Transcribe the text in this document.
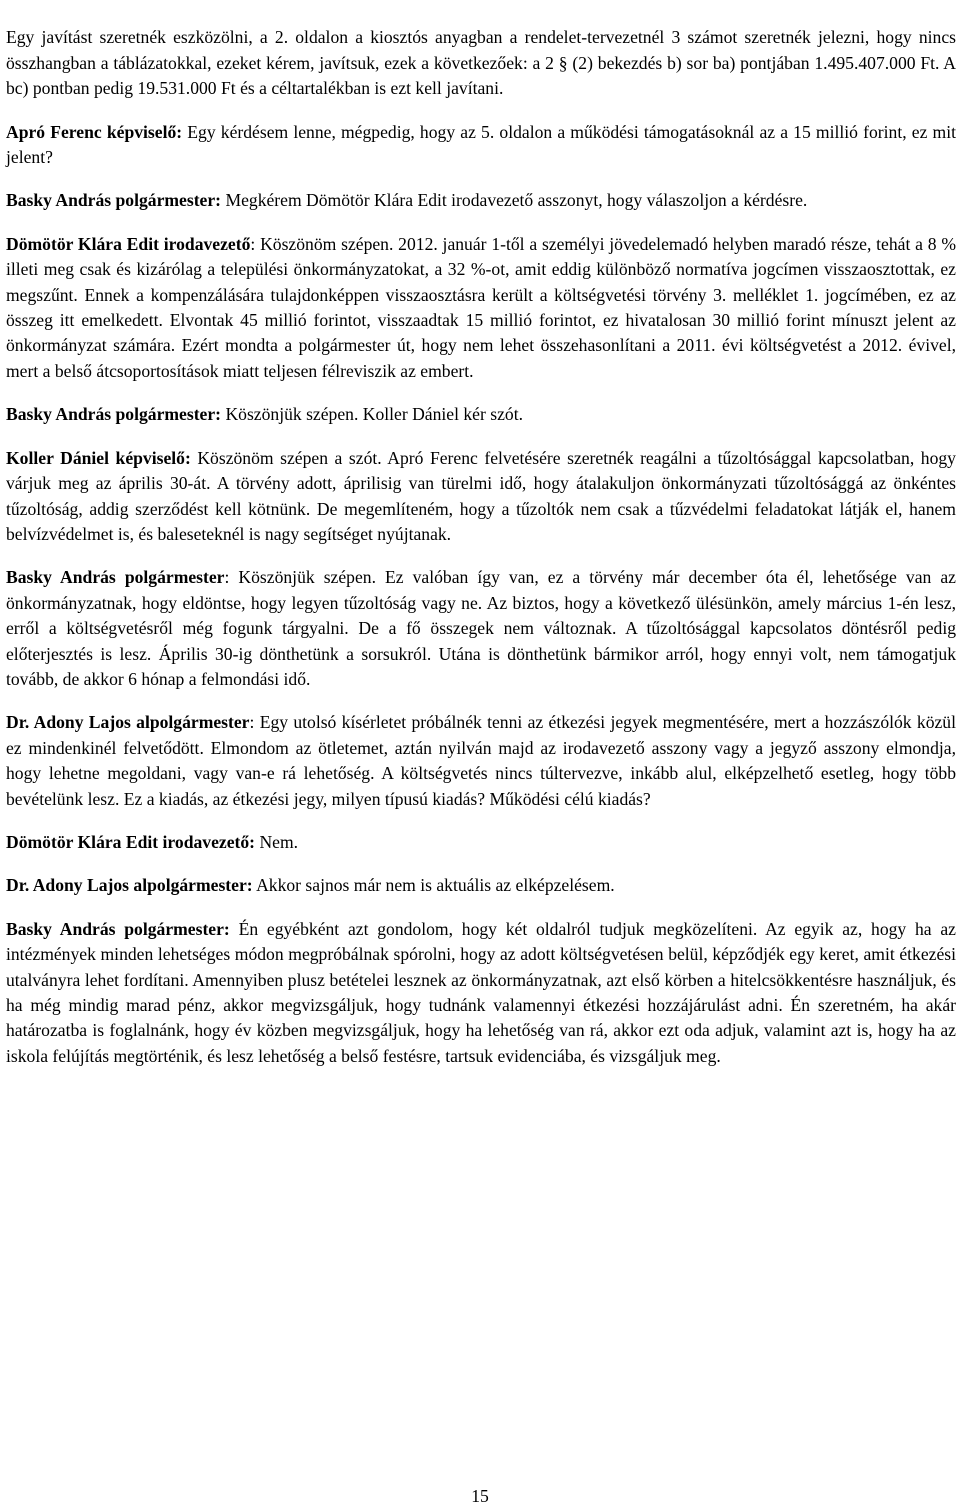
Egy javítást szeretnék eszközölni, a 2. oldalon a kiosztós anyagban a rendelet-tervezetnél 3 számot szeretnék jelezni, hogy nincs összhangban a táblázatokkal, ezeket kérem, javítsuk, ezek a következőek: a 2 § (2) bekezdés b) sor ba) pontjában 1.495.407.000 Ft. A bc) pontban pedig 19.531.000 Ft és a céltartalékban is ezt kell javítani.

Apró Ferenc képviselő: Egy kérdésem lenne, mégpedig, hogy az 5. oldalon a működési támogatásoknál az a 15 millió forint, ez mit jelent?

Basky András polgármester: Megkérem Dömötör Klára Edit irodavezető asszonyt, hogy válaszoljon a kérdésre.

Dömötör Klára Edit irodavezető: Köszönöm szépen. 2012. január 1-től a személyi jövedelemadó helyben maradó része, tehát a 8 % illeti meg csak és kizárólag a települési önkormányzatokat, a 32 %-ot, amit eddig különböző normatíva jogcímen visszaosztottak, ez megszűnt. Ennek a kompenzálására tulajdonképpen visszaosztásra került a költségvetési törvény 3. melléklet 1. jogcímében, ez az összeg itt emelkedett. Elvontak 45 millió forintot, visszaadtak 15 millió forintot, ez hivatalosan 30 millió forint mínuszt jelent az önkormányzat számára. Ezért mondta a polgármester út, hogy nem lehet összehasonlítani a 2011. évi költségvetést a 2012. évivel, mert a belső átcsoportosítások miatt teljesen félreviszik az embert.

Basky András polgármester: Köszönjük szépen. Koller Dániel kér szót.

Koller Dániel képviselő: Köszönöm szépen a szót. Apró Ferenc felvetésére szeretnék reagálni a tűzoltósággal kapcsolatban, hogy várjuk meg az április 30-át. A törvény adott, áprilisig van türelmi idő, hogy átalakuljon önkormányzati tűzoltósággá az önkéntes tűzoltóság, addig szerződést kell kötnünk. De megemlíteném, hogy a tűzoltók nem csak a tűzvédelmi feladatokat látják el, hanem belvízvédelmet is, és baleseteknél is nagy segítséget nyújtanak.

Basky András polgármester: Köszönjük szépen. Ez valóban így van, ez a törvény már december óta él, lehetősége van az önkormányzatnak, hogy eldöntse, hogy legyen tűzoltóság vagy ne. Az biztos, hogy a következő ülésünkön, amely március 1-én lesz, erről a költségvetésről még fogunk tárgyalni. De a fő összegek nem változnak. A tűzoltósággal kapcsolatos döntésről pedig előterjesztés is lesz. Április 30-ig dönthetünk a sorsukról. Utána is dönthetünk bármikor arról, hogy ennyi volt, nem támogatjuk tovább, de akkor 6 hónap a felmondási idő.

Dr. Adony Lajos alpolgármester: Egy utolsó kísérletet próbálnék tenni az étkezési jegyek megmentésére, mert a hozzászólók közül ez mindenkinél felvetődött. Elmondom az ötletemet, aztán nyilván majd az irodavezető asszony vagy a jegyző asszony elmondja, hogy lehetne megoldani, vagy van-e rá lehetőség. A költségvetés nincs túltervezve, inkább alul, elképzelhető esetleg, hogy több bevételünk lesz. Ez a kiadás, az étkezési jegy, milyen típusú kiadás? Működési célú kiadás?

Dömötör Klára Edit irodavezető: Nem.

Dr. Adony Lajos alpolgármester: Akkor sajnos már nem is aktuális az elképzelésem.

Basky András polgármester: Én egyébként azt gondolom, hogy két oldalról tudjuk megközelíteni. Az egyik az, hogy ha az intézmények minden lehetséges módon megpróbálnak spórolni, hogy az adott költségvetésen belül, képződjék egy keret, amit étkezési utalványra lehet fordítani. Amennyiben plusz betételei lesznek az önkormányzatnak, azt első körben a hitelcsökkentésre használjuk, és ha még mindig marad pénz, akkor megvizsgáljuk, hogy tudnánk valamennyi étkezési hozzájárulást adni. Én szeretném, ha akár határozatba is foglalnánk, hogy év közben megvizsgáljuk, hogy ha lehetőség van rá, akkor ezt oda adjuk, valamint azt is, hogy ha az iskola felújítás megtörténik, és lesz lehetőség a belső festésre, tartsuk evidenciába, és vizsgáljuk meg.

15
